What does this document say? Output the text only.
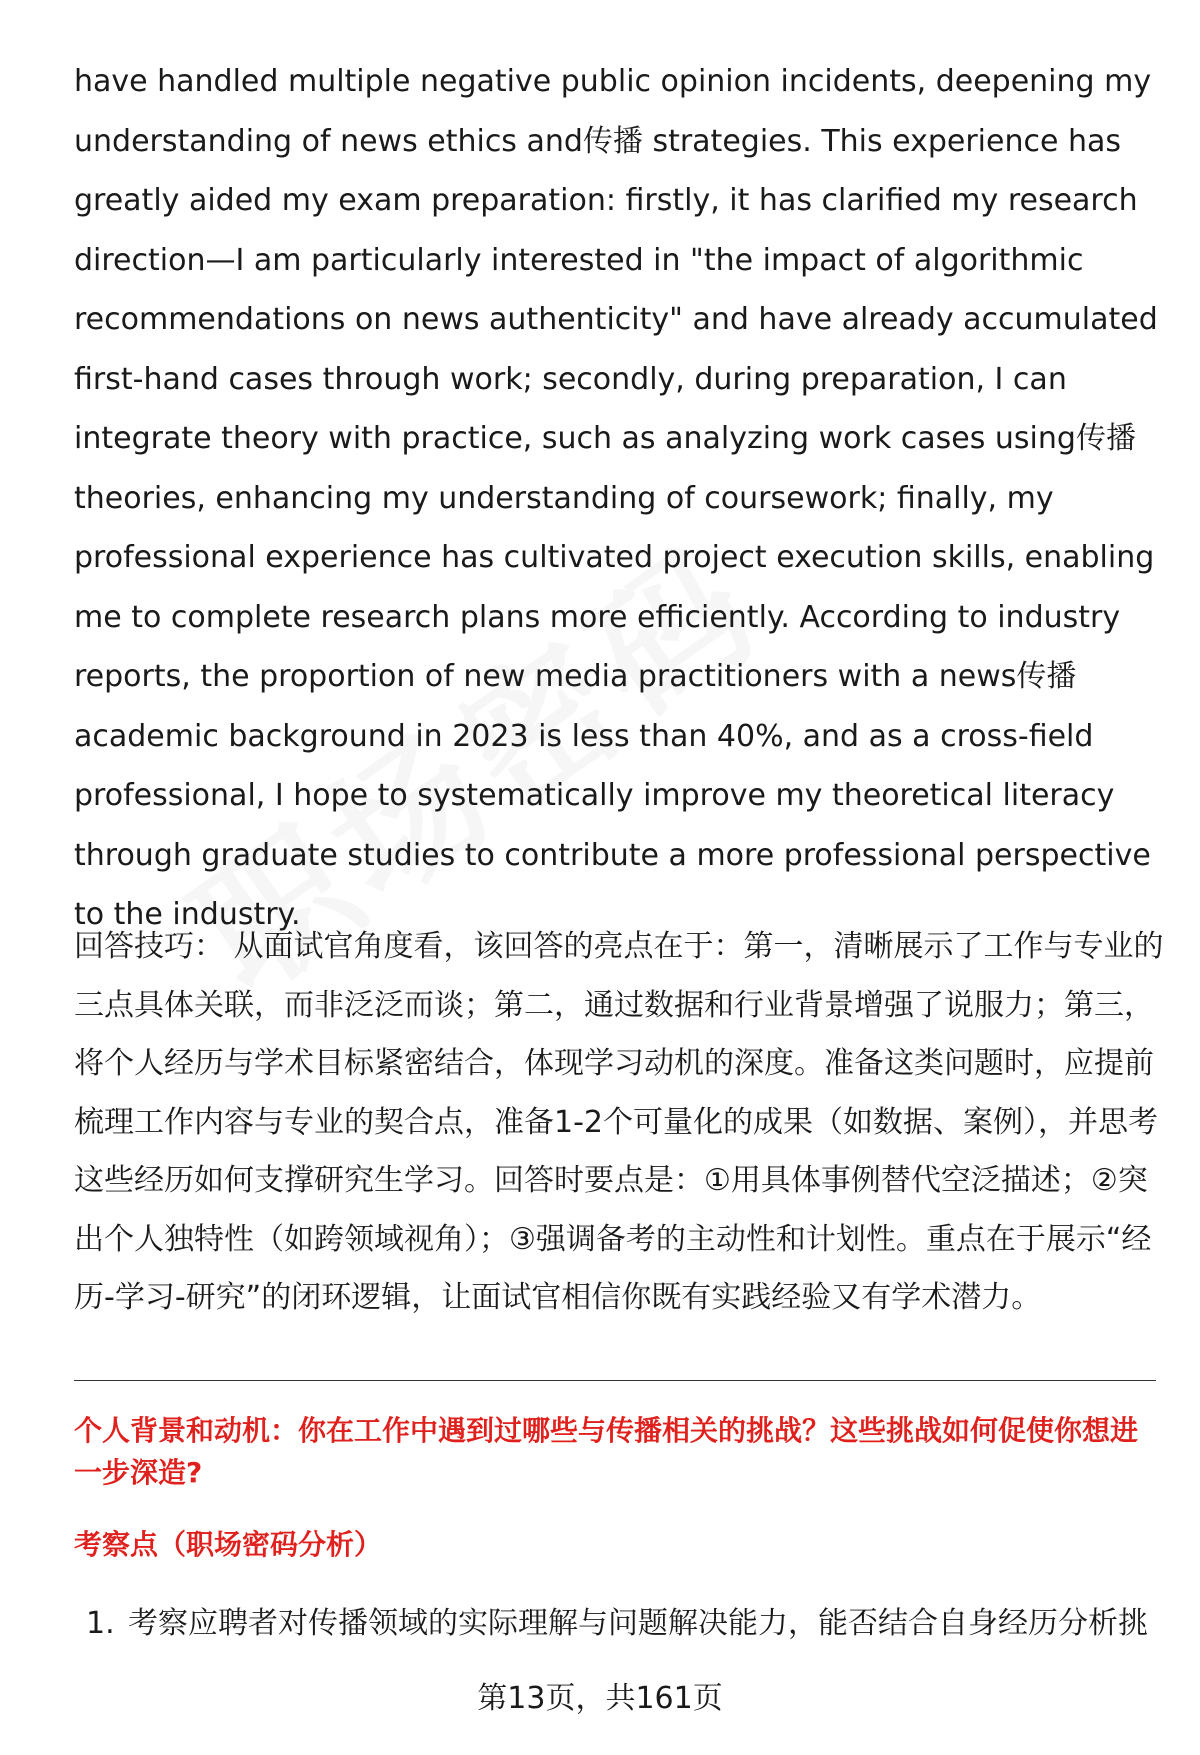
have handled multiple negative public opinion incidents, deepening my understanding of news ethics and传播 strategies. This experience has greatly aided my exam preparation: firstly, it has clarified my research direction—I am particularly interested in "the impact of algorithmic recommendations on news authenticity" and have already accumulated first-hand cases through work; secondly, during preparation, I can integrate theory with practice, such as analyzing work cases using传播 theories, enhancing my understanding of coursework; finally, my professional experience has cultivated project execution skills, enabling me to complete research plans more efficiently. According to industry reports, the proportion of new media practitioners with a news传播 academic background in 2023 is less than 40%, and as a cross-field professional, I hope to systematically improve my theoretical literacy through graduate studies to contribute a more professional perspective to the industry.

回答技巧： 从面试官角度看，该回答的亮点在于：第一，清晰展示了工作与专业的三点具体关联，而非泛泛而谈；第二，通过数据和行业背景增强了说服力；第三，将个人经历与学术目标紧密结合，体现学习动机的深度。准备这类问题时，应提前梳理工作内容与专业的契合点，准备1-2个可量化的成果（如数据、案例），并思考这些经历如何支撑研究生学习。回答时要点是：①用具体事例替代空泛描述；②突出个人独特性（如跨领域视角）；③强调备考的主动性和计划性。重点在于展示“经历-学习-研究”的闭环逻辑，让面试官相信你既有实践经验又有学术潜力。

个人背景和动机：你在工作中遇到过哪些与传播相关的挑战？这些挑战如何促使你想进一步深造?

考察点（职场密码分析）

1. 考察应聘者对传播领域的实际理解与问题解决能力，能否结合自身经历分析挑

第13页，共161页
